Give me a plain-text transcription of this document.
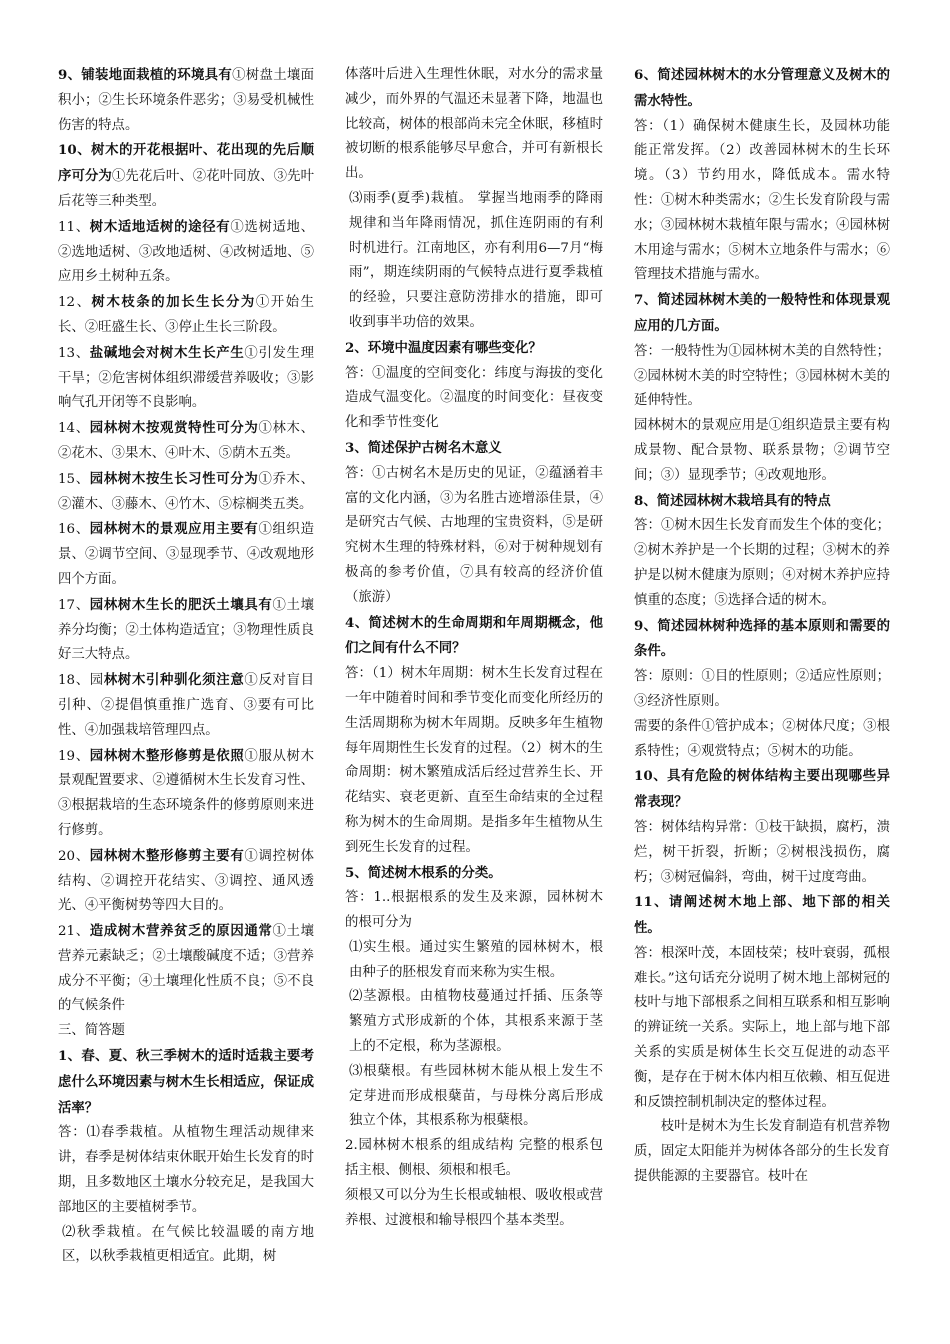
9、铺装地面栽植的环境具有①树盘土壤面积小；②生长环境条件恶劣；③易受机械性伤害的特点。

10、树木的开花根据叶、花出现的先后顺序可分为①先花后叶、②花叶同放、③先叶后花等三种类型。

11、树木适地适树的途径有①选树适地、②选地适树、③改地适树、④改树适地、⑤应用乡土树种五条。

12、树木枝条的加长生长分为①开始生长、②旺盛生长、③停止生长三阶段。

13、盐碱地会对树木生长产生①引发生理干旱；②危害树体组织滞缓营养吸收；③影响气孔开闭等不良影响。

14、园林树木按观赏特性可分为①林木、②花木、③果木、④叶木、⑤荫木五类。

15、园林树木按生长习性可分为①乔木、②灌木、③藤木、④竹木、⑤棕榈类五类。

16、园林树木的景观应用主要有①组织造景、②调节空间、③显现季节、④改观地形四个方面。

17、园林树木生长的肥沃土壤具有①土壤养分均衡；②土体构造适宜；③物理性质良好三大特点。

18、园林树木引种驯化须注意①反对盲目引种、②提倡慎重推广选育、③要有可比性、④加强栽培管理四点。

19、园林树木整形修剪是依照①服从树木景观配置要求、②遵循树木生长发育习性、③根据栽培的生态环境条件的修剪原则来进行修剪。

20、园林树木整形修剪主要有①调控树体结构、②调控开花结实、③调控、通风透光、④平衡树势等四大目的。

21、造成树木营养贫乏的原因通常①土壤营养元素缺乏；②土壤酸碱度不适；③营养成分不平衡；④土壤理化性质不良；⑤不良的气候条件

三、简答题

1、春、夏、秋三季树木的适时适栽主要考虑什么环境因素与树木生长相适应，保证成活率？

答：⑴春季栽植。从植物生理活动规律来讲，春季是树体结束休眠开始生长发育的时期，且多数地区土壤水分较充足，是我国大部地区的主要植树季节。

⑵秋季栽植。在气候比较温暖的南方地区，以秋季栽植更相适宜。此期，树

体落叶后进入生理性休眠，对水分的需求量减少，而外界的气温还未显著下降，地温也比较高，树体的根部尚未完全休眠，移植时被切断的根系能够尽早愈合，并可有新根长出。

⑶雨季(夏季)栽植。 掌握当地雨季的降雨规律和当年降雨情况，抓住连阴雨的有利时机进行。江南地区，亦有利用6—7月“梅雨”，期连续阴雨的气候特点进行夏季栽植的经验，只要注意防涝排水的措施，即可收到事半功倍的效果。

2、环境中温度因素有哪些变化？

答：①温度的空间变化：纬度与海拔的变化造成气温变化。②温度的时间变化：昼夜变化和季节性变化

3、简述保护古树名木意义

答：①古树名木是历史的见证，②蕴涵着丰富的文化内涵，③为名胜古迹增添佳景，④是研究古气候、古地理的宝贵资料，⑤是研究树木生理的特殊材料，⑥对于树种规划有极高的参考价值，⑦具有较高的经济价值（旅游）

4、简述树木的生命周期和年周期概念，他们之间有什么不同？

答：（1）树木年周期：树木生长发育过程在一年中随着时间和季节变化而变化所经历的生活周期称为树木年周期。反映多年生植物每年周期性生长发育的过程。（2）树木的生命周期：树木繁殖成活后经过营养生长、开花结实、衰老更新、直至生命结束的全过程称为树木的生命周期。是指多年生植物从生到死生长发育的过程。

5、简述树木根系的分类。

答：1..根据根系的发生及来源，园林树木的根可分为

⑴实生根。通过实生繁殖的园林树木，根由种子的胚根发育而来称为实生根。

⑵茎源根。由植物枝蔓通过扦插、压条等繁殖方式形成新的个体，其根系来源于茎上的不定根，称为茎源根。

⑶根蘖根。有些园林树木能从根上发生不定芽进而形成根蘖苗，与母株分离后形成独立个体，其根系称为根蘖根。

2.园林树木根系的组成结构 完整的根系包括主根、侧根、须根和根毛。

须根又可以分为生长根或轴根、吸收根或营养根、过渡根和输导根四个基本类型。

6、简述园林树木的水分管理意义及树木的需水特性。

答：（1）确保树木健康生长，及园林功能能正常发挥。（2）改善园林树木的生长环境。（3）节约用水，降低成本。需水特性：①树木种类需水；②生长发育阶段与需水；③园林树木栽植年限与需水；④园林树木用途与需水；⑤树木立地条件与需水；⑥管理技术措施与需水。

7、简述园林树木美的一般特性和体现景观应用的几方面。

答：一般特性为①园林树木美的自然特性；②园林树木美的时空特性；③园林树木美的延伸特性。

园林树木的景观应用是①组织造景主要有构成景物、配合景物、联系景物；②调节空间；③）显现季节；④改观地形。

8、简述园林树木栽培具有的特点

答：①树木因生长发育而发生个体的变化；②树木养护是一个长期的过程；③树木的养护是以树木健康为原则；④对树木养护应持慎重的态度；⑤选择合适的树木。

9、简述园林树种选择的基本原则和需要的条件。

答：原则：①目的性原则；②适应性原则；③经济性原则。

需要的条件①管护成本；②树体尺度；③根系特性；④观赏特点；⑤树木的功能。

10、具有危险的树体结构主要出现哪些异常表现？

答：树体结构异常：①枝干缺损，腐朽，溃烂，树干折裂，折断；②树根浅损伤，腐朽；③树冠偏斜，弯曲，树干过度弯曲。

11、请阐述树木地上部、地下部的相关性。

答：根深叶茂，本固枝荣；枝叶衰弱，孤根难长。”这句话充分说明了树木地上部树冠的枝叶与地下部根系之间相互联系和相互影响的辨证统一关系。实际上，地上部与地下部关系的实质是树体生长交互促进的动态平衡，是存在于树木体内相互依赖、相互促进和反馈控制机制决定的整体过程。

枝叶是树木为生长发育制造有机营养物质，固定太阳能并为树体各部分的生长发育提供能源的主要器官。枝叶在
